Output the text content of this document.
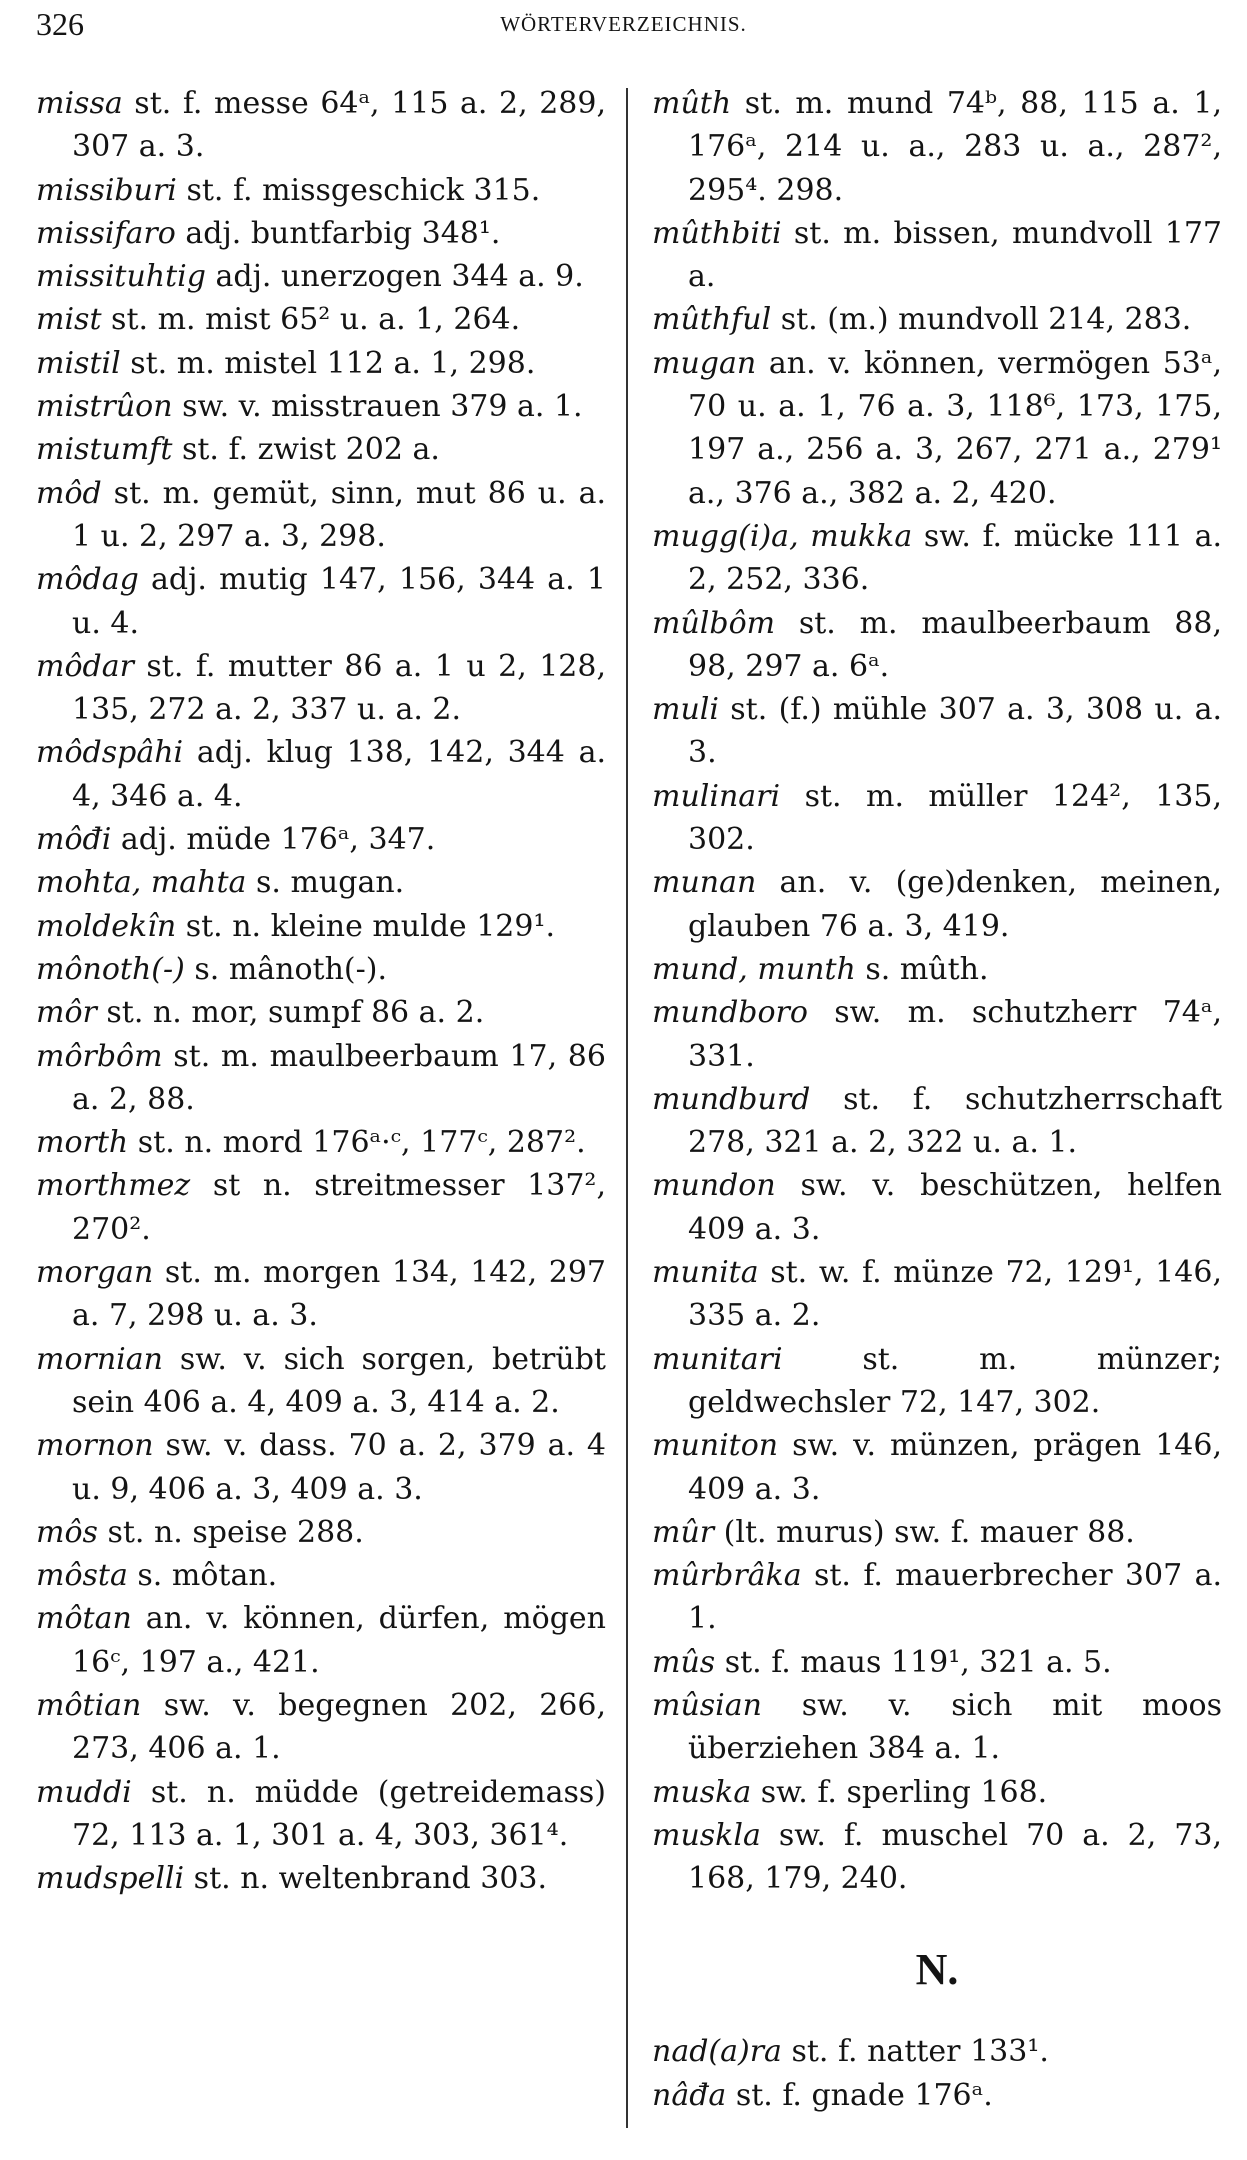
326	WÖRTERVERZEICHNIS.
missa st. f. messe 64ᵃ, 115 a. 2, 289, 307 a. 3.
missiburi st. f. missgeschick 315.
missifaro adj. buntfarbig 348¹.
missituhtig adj. unerzogen 344 a. 9.
mist st. m. mist 65² u. a. 1, 264.
mistil st. m. mistel 112 a. 1, 298.
mistrûon sw. v. misstrauen 379 a. 1.
mistumft st. f. zwist 202 a.
môd st. m. gemüt, sinn, mut 86 u. a. 1 u. 2, 297 a. 3, 298.
môdag adj. mutig 147, 156, 344 a. 1 u. 4.
môdar st. f. mutter 86 a. 1 u 2, 128, 135, 272 a. 2, 337 u. a. 2.
môdspâhi adj. klug 138, 142, 344 a. 4, 346 a. 4.
môđi adj. müde 176ᵃ, 347.
mohta, mahta s. mugan.
moldekîn st. n. kleine mulde 129¹.
mônoth(-) s. mânoth(-).
môr st. n. mor, sumpf 86 a. 2.
môrbôm st. m. maulbeerbaum 17, 86 a. 2, 88.
morth st. n. mord 176ᵃ·ᶜ, 177ᶜ, 287².
morthmez st n. streitmesser 137², 270².
morgan st. m. morgen 134, 142, 297 a. 7, 298 u. a. 3.
mornian sw. v. sich sorgen, betrübt sein 406 a. 4, 409 a. 3, 414 a. 2.
mornon sw. v. dass. 70 a. 2, 379 a. 4 u. 9, 406 a. 3, 409 a. 3.
môs st. n. speise 288.
môsta s. môtan.
môtan an. v. können, dürfen, mögen 16ᶜ, 197 a., 421.
môtian sw. v. begegnen 202, 266, 273, 406 a. 1.
muddi st. n. müdde (getreidemass) 72, 113 a. 1, 301 a. 4, 303, 361⁴.
mudspelli st. n. weltenbrand 303.
mûth st. m. mund 74ᵇ, 88, 115 a. 1, 176ᵃ, 214 u. a., 283 u. a., 287², 295⁴. 298.
mûthbiti st. m. bissen, mundvoll 177 a.
mûthful st. (m.) mundvoll 214, 283.
mugan an. v. können, vermögen 53ᵃ, 70 u. a. 1, 76 a. 3, 118⁶, 173, 175, 197 a., 256 a. 3, 267, 271 a., 279¹ a., 376 a., 382 a. 2, 420.
mugg(i)a, mukka sw. f. mücke 111 a. 2, 252, 336.
mûlbôm st. m. maulbeerbaum 88, 98, 297 a. 6ᵃ.
muli st. (f.) mühle 307 a. 3, 308 u. a. 3.
mulinari st. m. müller 124², 135, 302.
munan an. v. (ge)denken, meinen, glauben 76 a. 3, 419.
mund, munth s. mûth.
mundboro sw. m. schutzherr 74ᵃ, 331.
mundburd st. f. schutzherrschaft 278, 321 a. 2, 322 u. a. 1.
mundon sw. v. beschützen, helfen 409 a. 3.
munita st. w. f. münze 72, 129¹, 146, 335 a. 2.
munitari	st. m. münzer; geldwechsler 72, 147, 302.
muniton sw. v. münzen, prägen 146, 409 a. 3.
mûr (lt. murus) sw. f. mauer 88.
mûrbrâka st. f. mauerbrecher 307 a. 1.
mûs st. f. maus 119¹, 321 a. 5.
mûsian sw. v. sich mit moos überziehen 384 a. 1.
muska sw. f. sperling 168.
muskla sw. f. muschel 70 a. 2, 73, 168, 179, 240.
N.
nad(a)ra st. f. natter 133¹.
nâđa st. f. gnade 176ᵃ.
